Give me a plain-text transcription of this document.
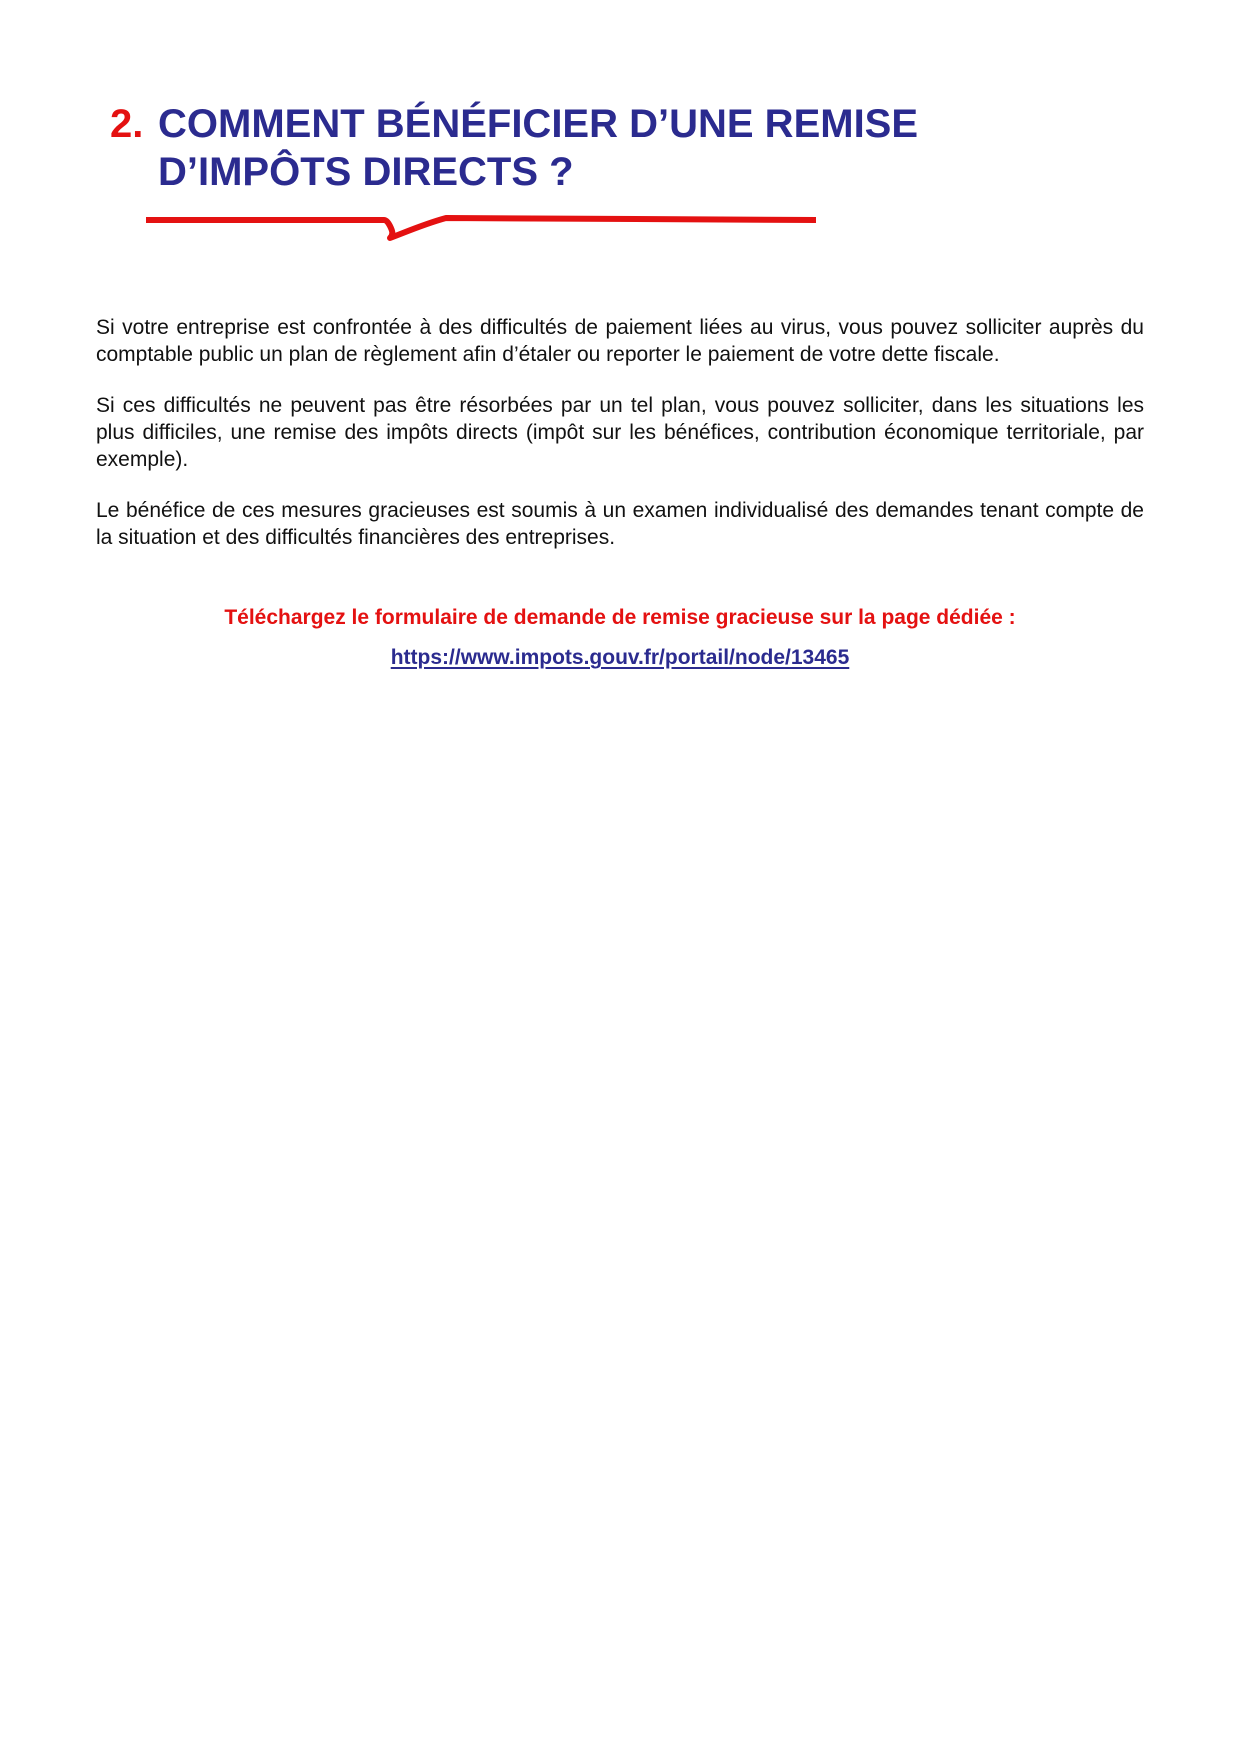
2. COMMENT BÉNÉFICIER D’UNE REMISE
D’IMPÔTS DIRECTS ?

Si votre entreprise est confrontée à des difficultés de paiement liées au virus, vous pouvez solliciter auprès du comptable public un plan de règlement afin d’étaler ou reporter le paiement de votre dette fiscale.

Si ces difficultés ne peuvent pas être résorbées par un tel plan, vous pouvez solliciter, dans les situations les plus difficiles, une remise des impôts directs (impôt sur les bénéfices, contribution économique territoriale, par exemple).

Le bénéfice de ces mesures gracieuses est soumis à un examen individualisé des demandes tenant compte de la situation et des difficultés financières des entreprises.

Téléchargez le formulaire de demande de remise gracieuse sur la page dédiée :
https://www.impots.gouv.fr/portail/node/13465
